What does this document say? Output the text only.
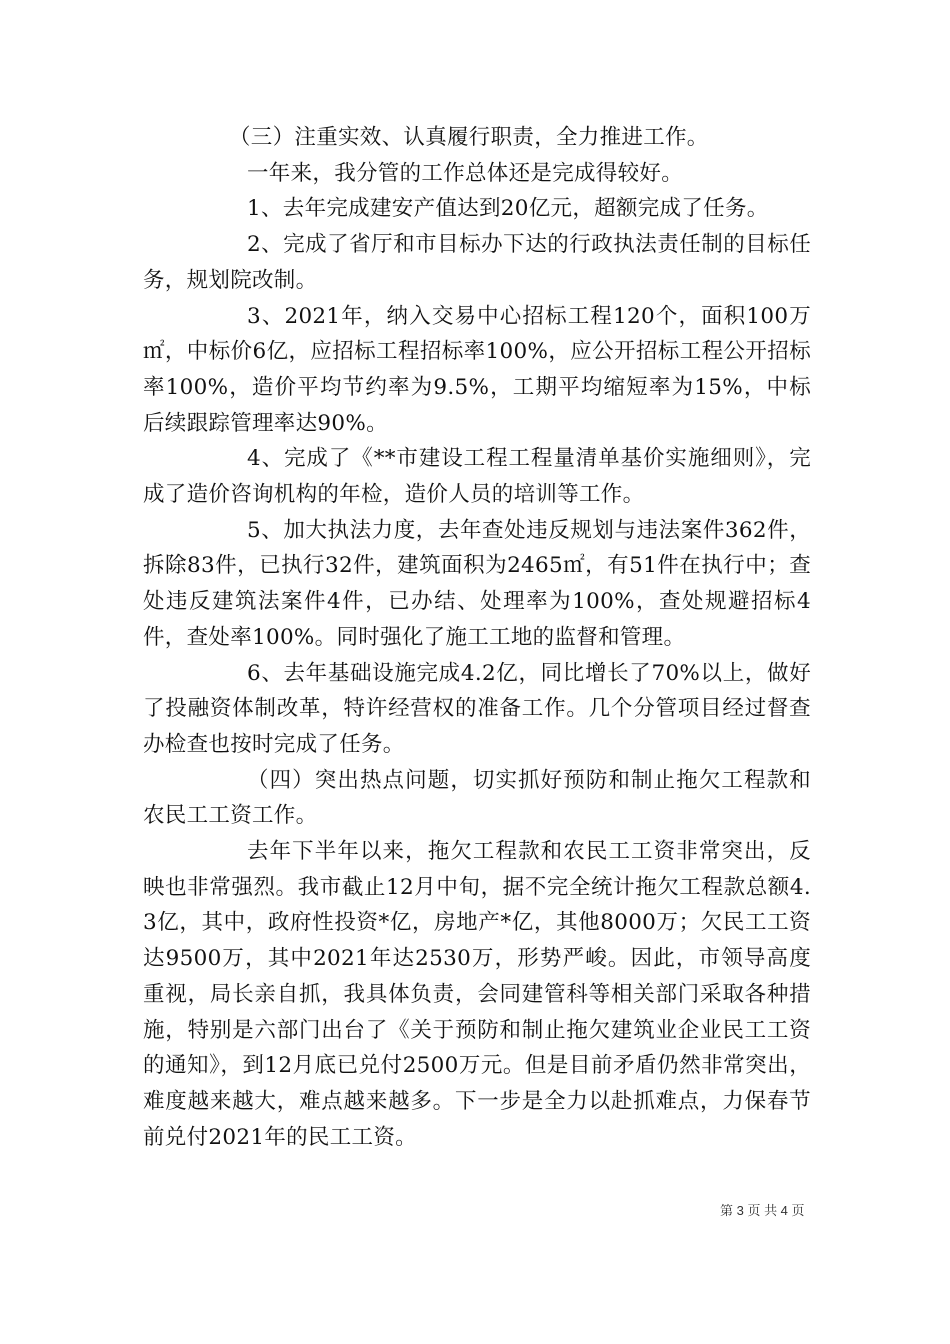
（三）注重实效、认真履行职责，全力推进工作。

一年来，我分管的工作总体还是完成得较好。

1、去年完成建安产值达到20亿元，超额完成了任务。

2、完成了省厅和市目标办下达的行政执法责任制的目标任务，规划院改制。

3、2021年，纳入交易中心招标工程120个，面积100万㎡，中标价6亿，应招标工程招标率100%，应公开招标工程公开招标率100%，造价平均节约率为9.5%，工期平均缩短率为15%，中标后续跟踪管理率达90%。

4、完成了《**市建设工程工程量清单基价实施细则》，完成了造价咨询机构的年检，造价人员的培训等工作。

5、加大执法力度，去年查处违反规划与违法案件362件，拆除83件，已执行32件，建筑面积为2465㎡，有51件在执行中；查处违反建筑法案件4件，已办结、处理率为100%，查处规避招标4件，查处率100%。同时强化了施工工地的监督和管理。

6、去年基础设施完成4.2亿，同比增长了70%以上，做好了投融资体制改革，特许经营权的准备工作。几个分管项目经过督查办检查也按时完成了任务。

（四）突出热点问题，切实抓好预防和制止拖欠工程款和农民工工资工作。

去年下半年以来，拖欠工程款和农民工工资非常突出，反映也非常强烈。我市截止12月中旬，据不完全统计拖欠工程款总额4.3亿，其中，政府性投资*亿，房地产*亿，其他8000万；欠民工工资达9500万，其中2021年达2530万，形势严峻。因此，市领导高度重视，局长亲自抓，我具体负责，会同建管科等相关部门采取各种措施，特别是六部门出台了《关于预防和制止拖欠建筑业企业民工工资的通知》，到12月底已兑付2500万元。但是目前矛盾仍然非常突出，难度越来越大，难点越来越多。下一步是全力以赴抓难点，力保春节前兑付2021年的民工工资。

第 3 页 共 4 页
